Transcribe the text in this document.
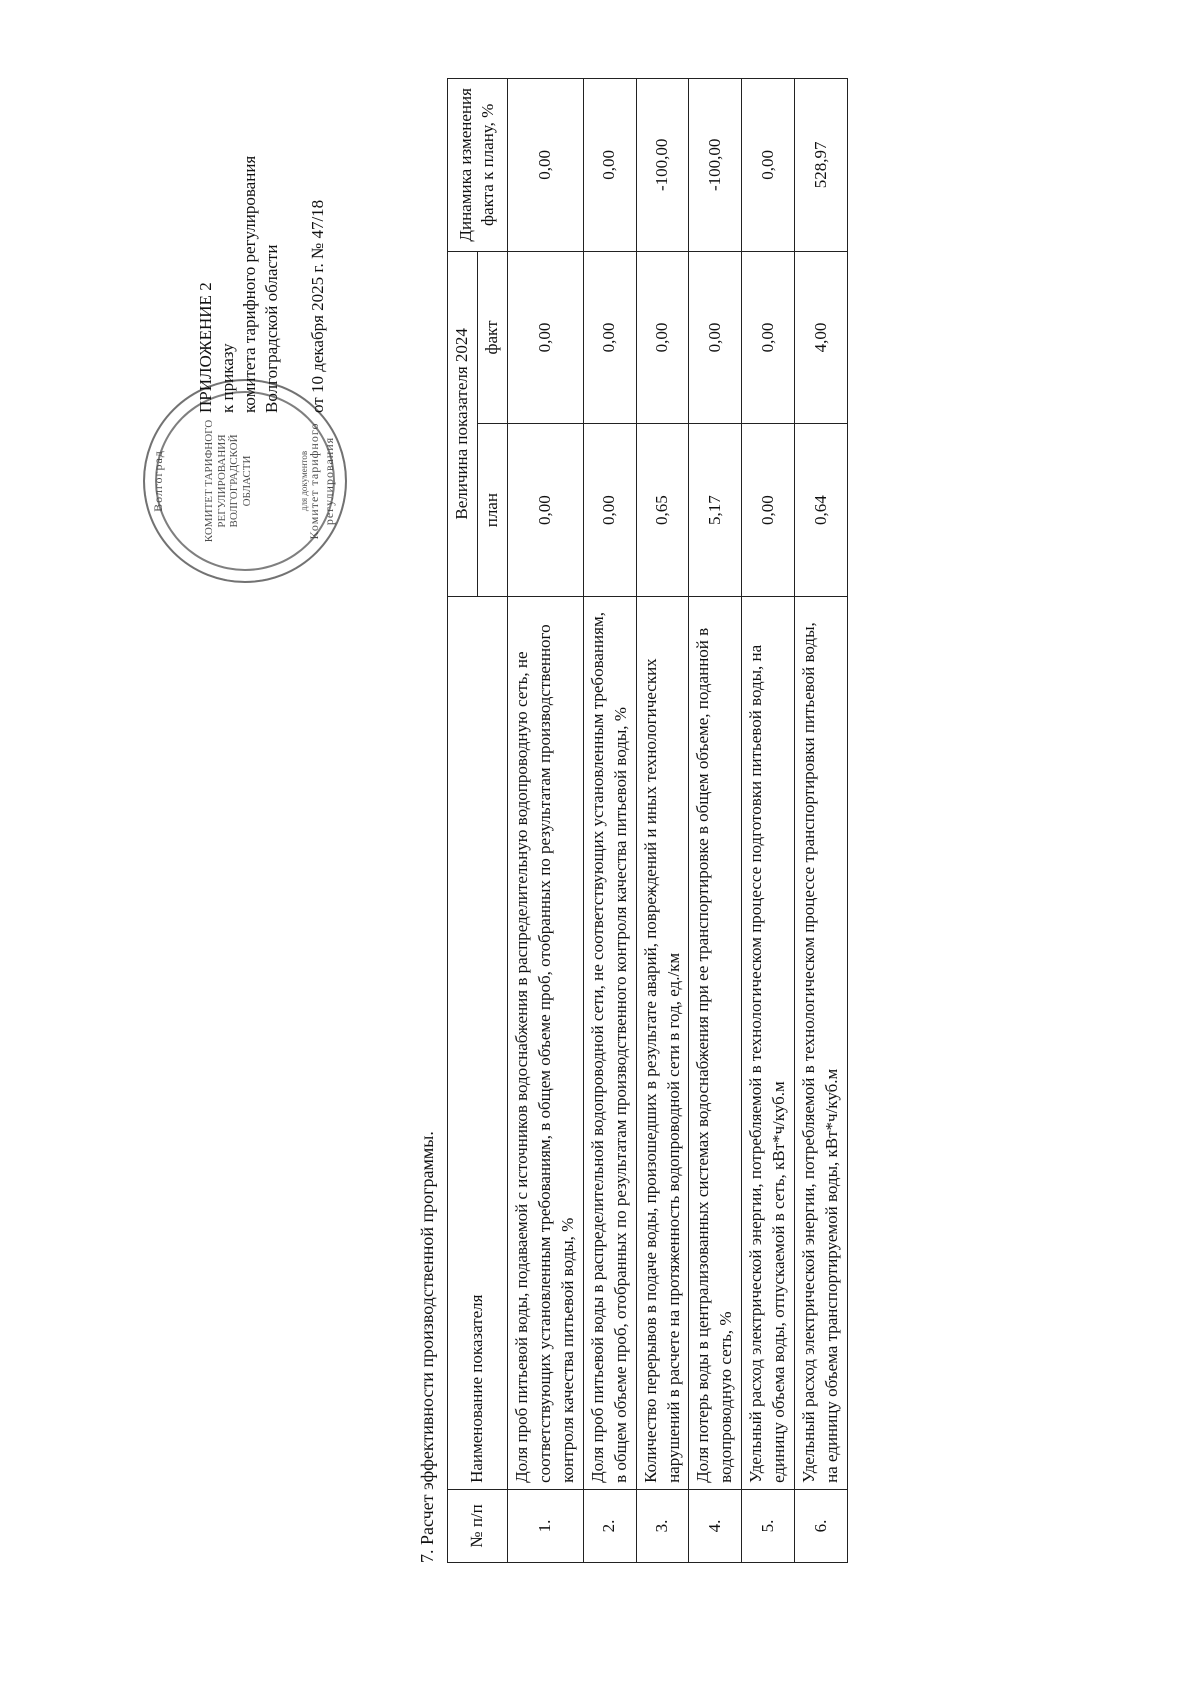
Волгоград	КОМИТЕТ ТАРИФНОГО РЕГУЛИРОВАНИЯ ВОЛГОГРАДСКОЙ ОБЛАСТИ	для документов
Комитет тарифного регулирования
ПРИЛОЖЕНИЕ 2 к приказу комитета тарифного регулирования Волгоградской области от 10 декабря 2025 г. № 47/18
7. Расчет эффективности производственной программы. № п/п	Наименование показателя	Величина показателя 2024		Динамика изменения факта к плану, %
		план	факт	
1.	Доля проб питьевой воды, подаваемой с источников водоснабжения в распределительную водопроводную сеть, не соответствующих установленным требованиям, в общем объеме проб, отобранных по результатам производственного контроля качества питьевой воды, %	0,00	0,00	0,00
2.	Доля проб питьевой воды в распределительной водопроводной сети, не соответствующих установленным требованиям, в общем объеме проб, отобранных по результатам производственного контроля качества питьевой воды, %	0,00	0,00	0,00
3.	Количество перерывов в подаче воды, произошедших в результате аварий, повреждений и иных технологических нарушений в расчете на протяженность водопроводной сети в год, ед./км	0,65	0,00	-100,00
4.	Доля потерь воды в централизованных системах водоснабжения при ее транспортировке в общем объеме, поданной в водопроводную сеть, %	5,17	0,00	-100,00
5.	Удельный расход электрической энергии, потребляемой в технологическом процессе подготовки питьевой воды, на единицу объема воды, отпускаемой в сеть, кВт*ч/куб.м	0,00	0,00	0,00
6.	Удельный расход электрической энергии, потребляемой в технологическом процессе транспортировки питьевой воды, на единицу объема транспортируемой воды, кВт*ч/куб.м	0,64	4,00	528,97
